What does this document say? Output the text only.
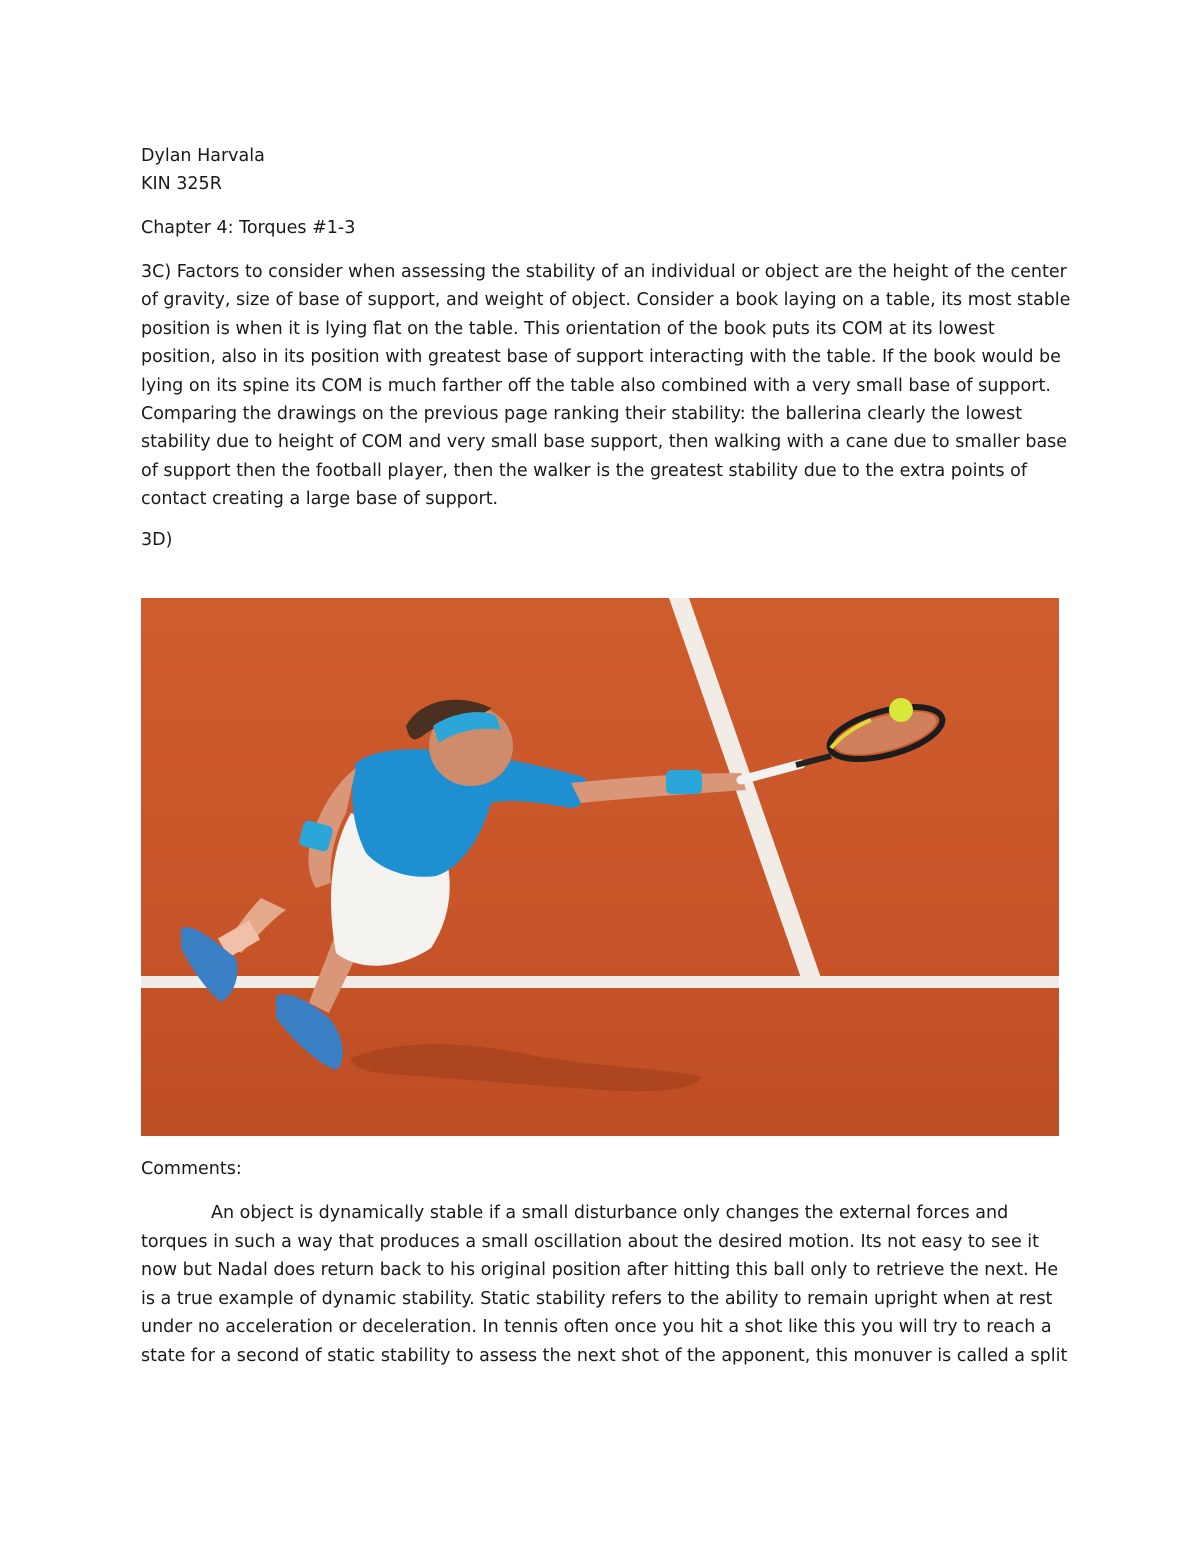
Dylan Harvala

KIN 325R

Chapter 4: Torques #1-3

3C) Factors to consider when assessing the stability of an individual or object are the height of the center
of gravity, size of base of support, and weight of object. Consider a book laying on a table, its most stable
position is when it is lying flat on the table. This orientation of the book puts its COM at its lowest
position, also in its position with greatest base of support interacting with the table. If the book would be
lying on its spine its COM is much farther off the table also combined with a very small base of support.
Comparing the drawings on the previous page ranking their stability: the ballerina clearly the lowest
stability due to height of COM and very small base support, then walking with a cane due to smaller base
of support then the football player, then the walker is the greatest stability due to the extra points of
contact creating a large base of support.

3D)

Comments:

An object is dynamically stable if a small disturbance only changes the external forces and
torques in such a way that produces a small oscillation about the desired motion. Its not easy to see it
now but Nadal does return back to his original position after hitting this ball only to retrieve the next. He
is a true example of dynamic stability. Static stability refers to the ability to remain upright when at rest
under no acceleration or deceleration. In tennis often once you hit a shot like this you will try to reach a
state for a second of static stability to assess the next shot of the apponent, this monuver is called a split
